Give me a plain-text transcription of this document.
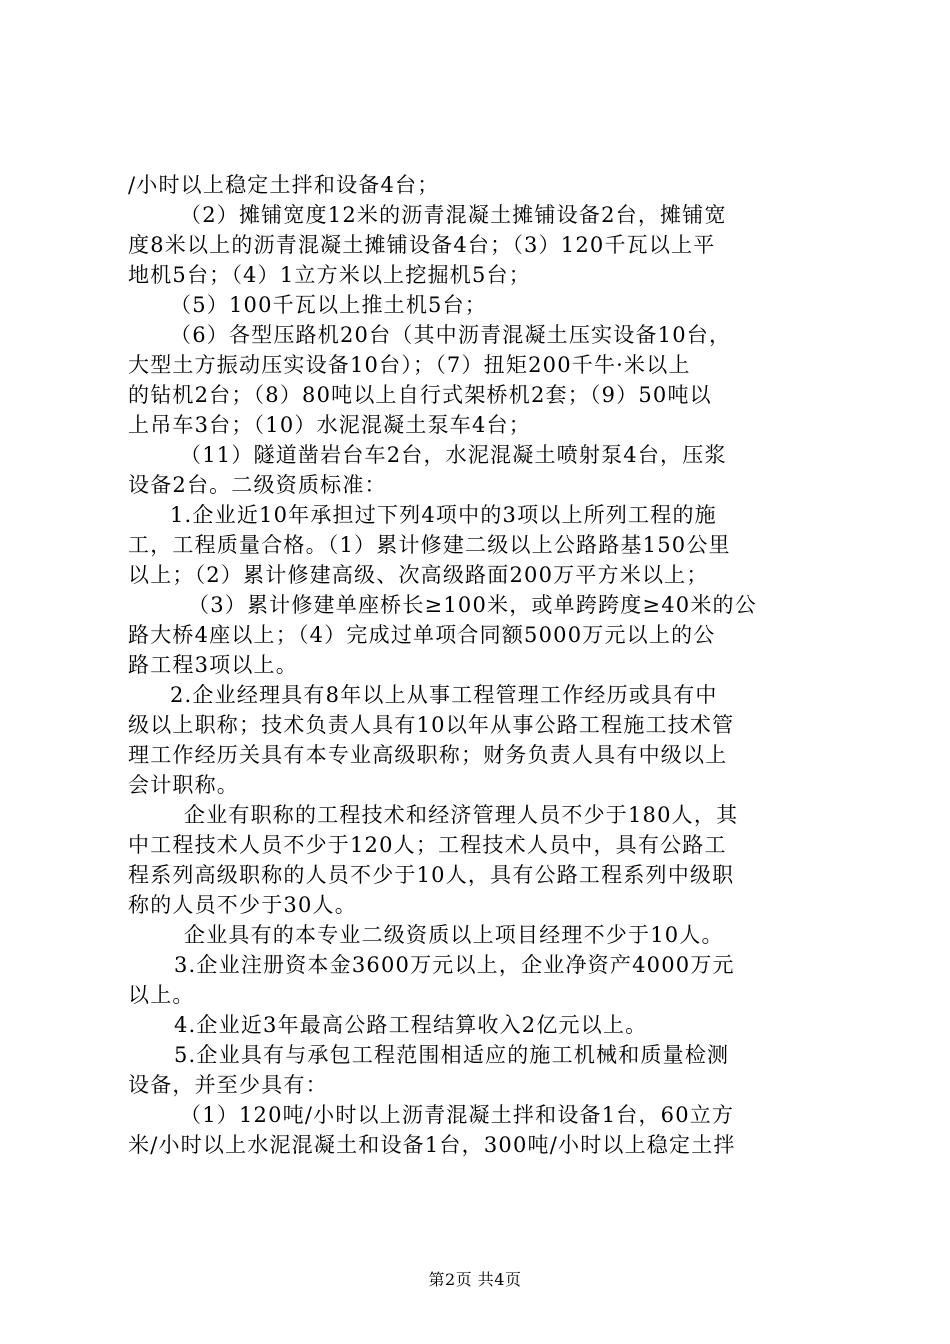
/小时以上稳定土拌和设备4台；
（2）摊铺宽度12米的沥青混凝土摊铺设备2台，摊铺宽
度8米以上的沥青混凝土摊铺设备4台；（3）120千瓦以上平
地机5台；（4）1立方米以上挖掘机5台；
（5）100千瓦以上推土机5台；
（6）各型压路机20台（其中沥青混凝土压实设备10台，
大型土方振动压实设备10台）；（7）扭矩200千牛·米以上
的钻机2台；（8）80吨以上自行式架桥机2套；（9）50吨以
上吊车3台；（10）水泥混凝土泵车4台；
（11）隧道凿岩台车2台，水泥混凝土喷射泵4台，压浆
设备2台。二级资质标准：
1.企业近10年承担过下列4项中的3项以上所列工程的施
工，工程质量合格。（1）累计修建二级以上公路路基150公里
以上；（2）累计修建高级、次高级路面200万平方米以上；
（3）累计修建单座桥长≥100米，或单跨跨度≥40米的公
路大桥4座以上；（4）完成过单项合同额5000万元以上的公
路工程3项以上。
2.企业经理具有8年以上从事工程管理工作经历或具有中
级以上职称；技术负责人具有10以年从事公路工程施工技术管
理工作经历关具有本专业高级职称；财务负责人具有中级以上
会计职称。
企业有职称的工程技术和经济管理人员不少于180人，其
中工程技术人员不少于120人；工程技术人员中，具有公路工
程系列高级职称的人员不少于10人，具有公路工程系列中级职
称的人员不少于30人。
企业具有的本专业二级资质以上项目经理不少于10人。
3.企业注册资本金3600万元以上，企业净资产4000万元
以上。
4.企业近3年最高公路工程结算收入2亿元以上。
5.企业具有与承包工程范围相适应的施工机械和质量检测
设备，并至少具有：
（1）120吨/小时以上沥青混凝土拌和设备1台，60立方
米/小时以上水泥混凝土和设备1台，300吨/小时以上稳定土拌
第2页 共4页
